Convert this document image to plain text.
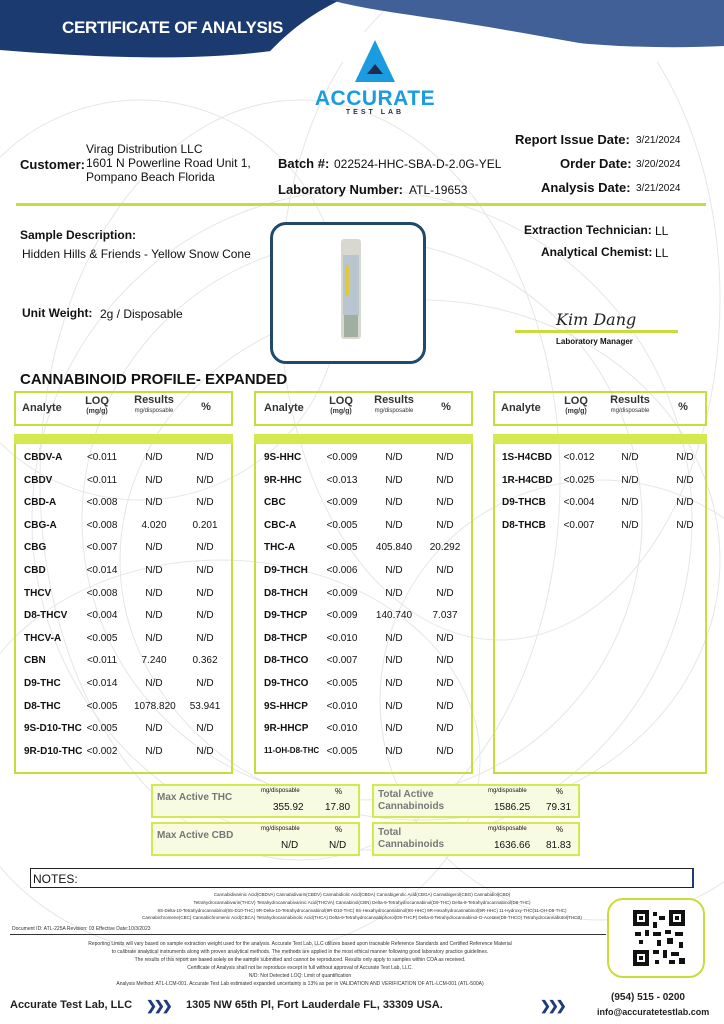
CERTIFICATE OF ANALYSIS
ACCURATE
TEST LAB
Customer:
Virag Distribution LLC
1601 N Powerline Road Unit 1,
Pompano Beach Florida
Batch #: 022524-HHC-SBA-D-2.0G-YEL
Laboratory Number: ATL-19653
Report Issue Date: 3/21/2024
Order Date: 3/20/2024
Analysis Date: 3/21/2024
Sample Description:
Hidden Hills & Friends - Yellow Snow Cone
Unit Weight: 2g / Disposable
Extraction Technician: LL
Analytical Chemist: LL
Kim Dang
Laboratory Manager
CANNABINOID PROFILE- EXPANDED
Analyte
LOQ
(mg/g)
Results
mg/disposable	%	Analyte
LOQ
(mg/g)
Results
mg/disposable	%	Analyte
LOQ
(mg/g)
Results
mg/disposable	%
CBDV-A	<0.011	N/D	N/D
CBDV	<0.011	N/D	N/D
CBD-A	<0.008	N/D	N/D
CBG-A	<0.008	4.020	0.201
CBG	<0.007	N/D	N/D
CBD	<0.014	N/D	N/D
THCV	<0.008	N/D	N/D
D8-THCV	<0.004	N/D	N/D
THCV-A	<0.005	N/D	N/D
CBN	<0.011	7.240	0.362
D9-THC	<0.014	N/D	N/D
D8-THC	<0.005	1078.820	53.941
9S-D10-THC <0.005	N/D	N/D
9R-D10-THC <0.002	N/D	N/D
9S-HHC	<0.009	N/D	N/D
9R-HHC	<0.013	N/D	N/D
CBC	<0.009	N/D	N/D
CBC-A	<0.005	N/D	N/D
THC-A	<0.005	405.840	20.292
D9-THCH	<0.006	N/D	N/D
D8-THCH	<0.009	N/D	N/D
D9-THCP	<0.009	140.740	7.037
D8-THCP	<0.010	N/D	N/D
D8-THCO	<0.007	N/D	N/D
D9-THCO	<0.005	N/D	N/D
9S-HHCP	<0.010	N/D	N/D
9R-HHCP	<0.010	N/D	N/D
11-OH-D8-THC <0.005	N/D	N/D
1S-H4CBD	<0.012	N/D	N/D
1R-H4CBD	<0.025	N/D	N/D
D9-THCB	<0.004	N/D	N/D
D8-THCB	<0.007	N/D	N/D
Max Active THC
mg/disposable	%
355.92 17.80
Max Active CBD
mg/disposable	%
N/D	N/D
Total Active
Cannabinoids
mg/disposable	%
1586.25 79.31
Total
Cannabinoids
mg/disposable	%
1636.66 81.83
NOTES:
Cannabidivarinic Acid(CBDVA) Cannabidivarin(CBDV) Cannabidiolic Acid(CBDA) Cannabigerolic Acid(CBGA) Cannabigerol(CBG) Cannabidiol(CBD)
Tetrahydrocannabivarin(THCV) Tetrahydrocannabivarinic Acid(THCVA) Cannabinol(CBN) Delta-9-Tetrahydrocannabinol(D9-THC) Delta-8-Tetrahydrocannabinol(D8-THC)
9S-Delta-10-Tetrahydrocannabinol(9S-D10-THC) 9R-Delta-10-Tetrahydrocannabinol(9R-D10-THC) 9S-Hexahydrocannabinol(9S-HHC) 9R-Hexahydrocannabinol(9R-HHC) 11-Hydroxy-THC(11-OH-D8-THC)
Cannabichromene(CBC) Cannabichromenic Acid(CBCA) Tetrahydrocannabinolic Acid(THCA) Delta-9-Tetrahydrocannabiphorol(D9-THCP) Delta-8-Tetrahydrocannabinol-O-Acetate(D8-THCO) Tetrahydrocannabutol(THCB)
Document ID: ATL-225A Revision: 03 Effective Date:10/3/2023
Reporting Limits will vary based on sample extraction weight used for the analysis. Accurate Test Lab, LLC utilizes based upon traceable Reference Standards and Certified Reference Material
to calibrate analytical instruments along with proven analytical methods. The methods are applied in the most ethical manner following good laboratory practice guidelines.
The results of this report are based solely on the sample submitted and cannot be reproduced. Results only apply to samples within COA as received.
Certificate of Analysis shall not be reproduce except in full without approval of Accurate Test Lab, LLC.
N/D: Not Detected LOQ: Limit of quantification
Analysis Method: ATL-LCM-001. Accurate Test Lab estimated expanded uncertainty is 13% as per in VALIDATION AND VERIFICATION OF ATL-LCM-001 (ATL-500A)
Accurate Test Lab, LLC ❯❯❯ 1305 NW 65th Pl, Fort Lauderdale FL, 33309 USA.	❯❯❯
(954) 515 - 0200
info@accuratetestlab.com
